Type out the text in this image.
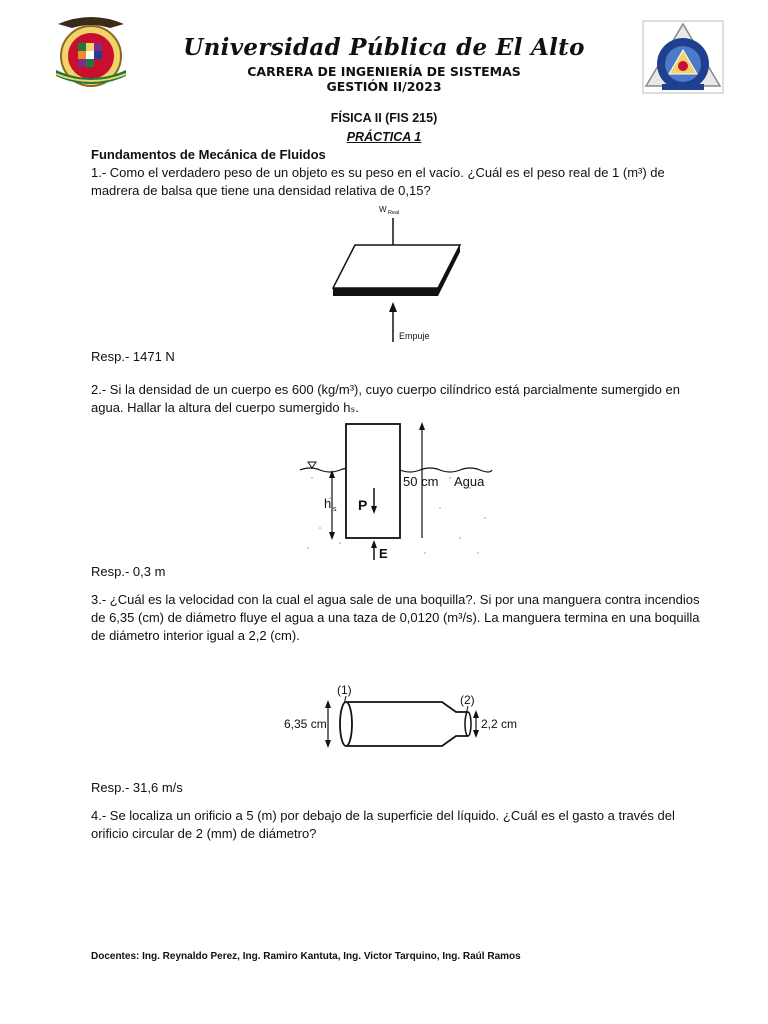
Universidad Pública de El Alto
CARRERA DE INGENIERÍA DE SISTEMAS
GESTIÓN II/2023
FÍSICA II (FIS 215)
PRÁCTICA 1
Fundamentos de Mecánica de Fluidos
1.- Como el verdadero peso de un objeto es su peso en el vacío. ¿Cuál es el peso real de 1 (m³) de madrera de balsa que tiene una densidad relativa de 0,15?
W Real
Empuje
Resp.- 1471 N
2.- Si la densidad de un cuerpo es 600 (kg/m³), cuyo cuerpo cilíndrico está parcialmente sumergido en agua. Hallar la altura del cuerpo sumergido hₛ.
50 cm Agua
h s P
E
Resp.- 0,3 m
3.- ¿Cuál es la velocidad con la cual el agua sale de una boquilla?. Si por una manguera contra incendios de 6,35 (cm) de diámetro fluye el agua a una taza de 0,0120 (m³/s). La manguera termina en una boquilla de diámetro interior igual a 2,2 (cm).
(1)
(2)
6,35 cm	2,2 cm
Resp.- 31,6 m/s
4.- Se localiza un orificio a 5 (m) por debajo de la superficie del líquido. ¿Cuál es el gasto a través del orificio circular de 2 (mm) de diámetro?
Docentes: Ing. Reynaldo Perez, Ing. Ramiro Kantuta, Ing. Victor Tarquino, Ing. Raúl Ramos
